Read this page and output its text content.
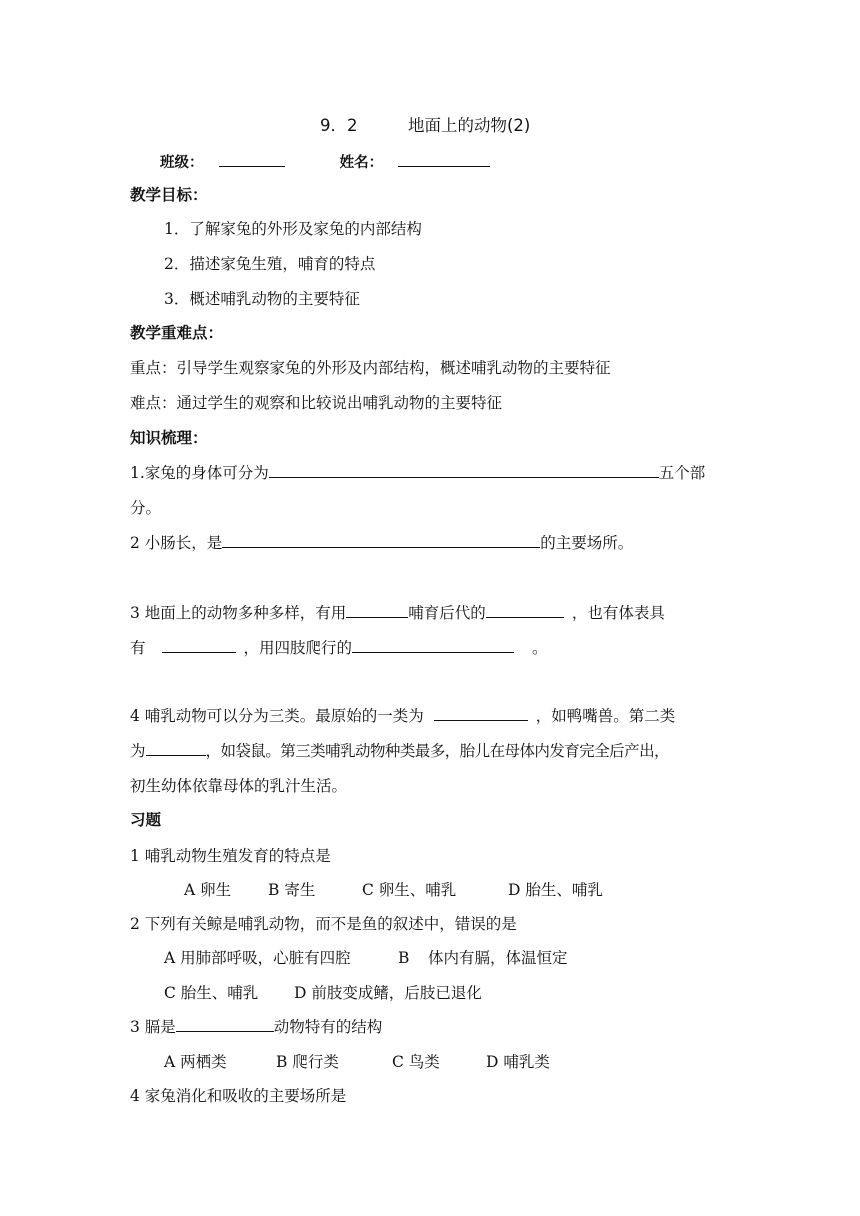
9．2	地面上的动物(2)
班级：	姓名：
教学目标：
1．了解家兔的外形及家兔的内部结构
2．描述家兔生殖，哺育的特点
3．概述哺乳动物的主要特征
教学重难点：
重点：引导学生观察家兔的外形及内部结构，概述哺乳动物的主要特征
难点：通过学生的观察和比较说出哺乳动物的主要特征
知识梳理：
1.家兔的身体可分为	五个部
分。
2 小肠长，是	的主要场所。
3 地面上的动物多种多样，有用	哺育后代的	，也有体表具
有	，用四肢爬行的	。
4 哺乳动物可以分为三类。最原始的一类为	，如鸭嘴兽。第二类
为	，如袋鼠。第三类哺乳动物种类最多，胎儿在母体内发育完全后产出，
初生幼体依靠母体的乳汁生活。
习题
1 哺乳动物生殖发育的特点是
A 卵生 B 寄生	C 卵生、哺乳	D 胎生、哺乳
2 下列有关鲸是哺乳动物，而不是鱼的叙述中，错误的是
A 用肺部呼吸，心脏有四腔	B 体内有膈，体温恒定
C 胎生、哺乳 D 前肢变成鳍，后肢已退化
3 膈是	动物特有的结构
A 两栖类	B 爬行类	C 鸟类	D 哺乳类
4 家兔消化和吸收的主要场所是
